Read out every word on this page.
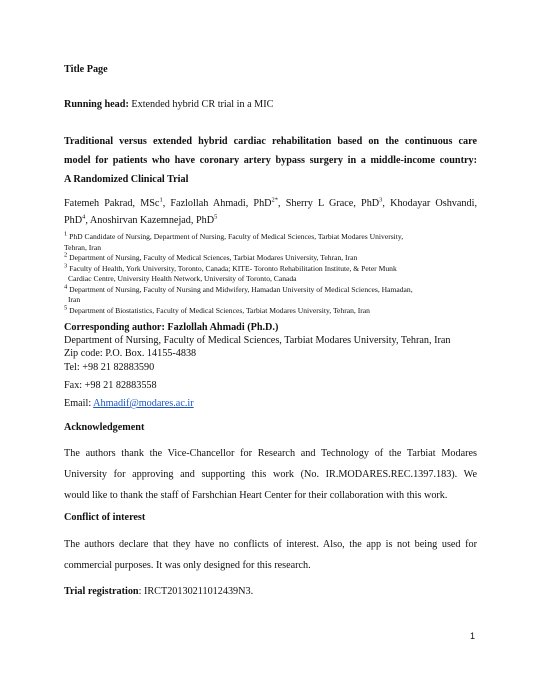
Title Page
Running head: Extended hybrid CR trial in a MIC
Traditional versus extended hybrid cardiac rehabilitation based on the continuous care
model for patients who have coronary artery bypass surgery in a middle-income country:
A Randomized Clinical Trial
Fatemeh Pakrad, MSc$^1$, Fazlollah Ahmadi, PhD$^{2*}$, Sherry L Grace, PhD$^3$, Khodayar Oshvandi,
PhD$^4$, Anoshirvan Kazemnejad, PhD$^5$
$^1$ PhD Candidate of Nursing, Department of Nursing, Faculty of Medical Sciences, Tarbiat Modares University,
Tehran, Iran
$^2$ Department of Nursing, Faculty of Medical Sciences, Tarbiat Modares University, Tehran, Iran
$^3$ Faculty of Health, York University, Toronto, Canada; KITE- Toronto Rehabilitation Institute, & Peter Munk
Cardiac Centre, University Health Network, University of Toronto, Canada
$^4$ Department of Nursing, Faculty of Nursing and Midwifery, Hamadan University of Medical Sciences, Hamadan,
Iran
$^5$ Department of Biostatistics, Faculty of Medical Sciences, Tarbiat Modares University, Tehran, Iran
Corresponding author: Fazlollah Ahmadi (Ph.D.)
Department of Nursing, Faculty of Medical Sciences, Tarbiat Modares University, Tehran, Iran
Zip code: P.O. Box. 14155-4838
Tel: +98 21 82883590
Fax: +98 21 82883558
Email: Ahmadif@modares.ac.ir
Acknowledgement
The authors thank the Vice-Chancellor for Research and Technology of the Tarbiat Modares
University for approving and supporting this work (No. IR.MODARES.REC.1397.183). We
would like to thank the staff of Farshchian Heart Center for their collaboration with this work.
Conflict of interest
The authors declare that they have no conflicts of interest. Also, the app is not being used for
commercial purposes. It was only designed for this research.
Trial registration: IRCT20130211012439N3.
1
